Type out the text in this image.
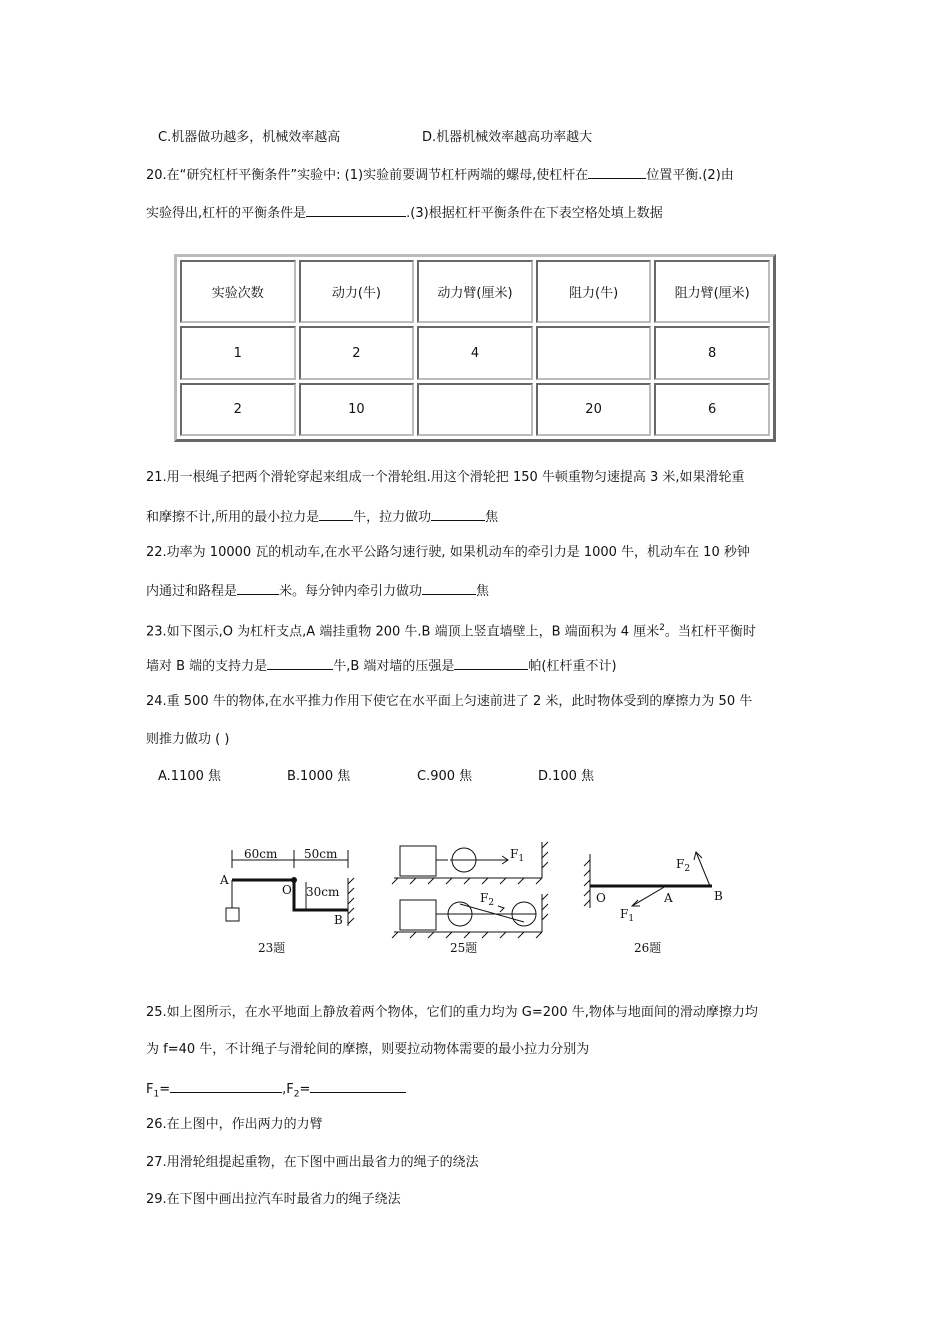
C.机器做功越多，机械效率越高	D.机器机械效率越高功率越大
20.在“研究杠杆平衡条件”实验中: (1)实验前要调节杠杆两端的螺母,使杠杆在	位置平衡.(2)由
实验得出,杠杆的平衡条件是	.(3)根据杠杆平衡条件在下表空格处填上数据
实验次数	动力(牛)	动力臂(厘米)	阻力(牛)	阻力臂(厘米)
1	2	4		8
2	10		20	6
21.用一根绳子把两个滑轮穿起来组成一个滑轮组.用这个滑轮把 150 牛顿重物匀速提高 3 米,如果滑轮重
和摩擦不计,所用的最小拉力是	牛，拉力做功	焦
22.功率为 10000 瓦的机动车,在水平公路匀速行驶, 如果机动车的牵引力是 1000 牛，机动车在 10 秒钟
内通过和路程是	米。每分钟内牵引力做功	焦
23.如下图示,O 为杠杆支点,A 端挂重物 200 牛.B 端顶上竖直墙壁上，B 端面积为 4 厘米$^2$。当杠杆平衡时
墙对 B 端的支持力是	牛,B 端对墙的压强是	帕(杠杆重不计)
24.重 500 牛的物体,在水平推力作用下使它在水平面上匀速前进了 2 米，此时物体受到的摩擦力为 50 牛
则推力做功 ( )
A.1100 焦	B.1000 焦	C.900 焦	D.100 焦
60cm 50cm
30cm
A
O
B
23题
$F_1$
$F_2$
25题
O	A	B
$F_2$
$F_1$
26题
25.如上图所示，在水平地面上静放着两个物体，它们的重力均为 G=200 牛,物体与地面间的滑动摩擦力均
为 f=40 牛，不计绳子与滑轮间的摩擦，则要拉动物体需要的最小拉力分别为
$F_1=$	$,F_2=$
26.在上图中，作出两力的力臂
27.用滑轮组提起重物，在下图中画出最省力的绳子的绕法
29.在下图中画出拉汽车时最省力的绳子绕法
